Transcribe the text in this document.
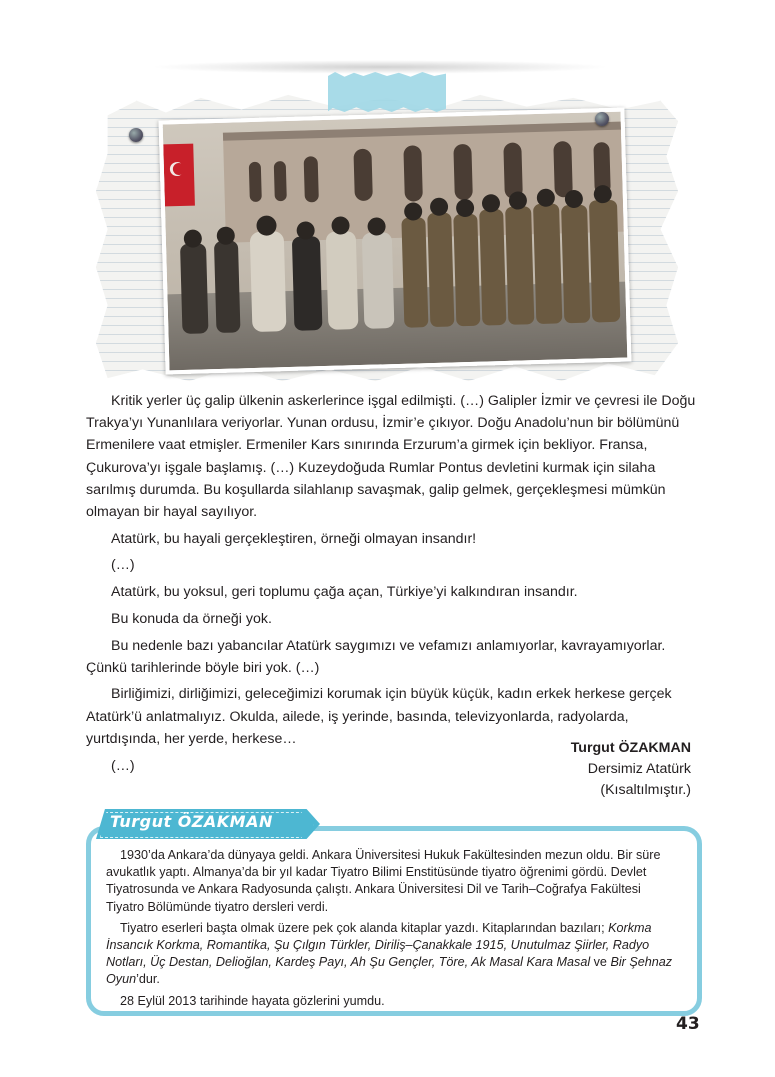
Kritik yerler üç galip ülkenin askerlerince işgal edilmişti. (…) Galipler İzmir ve çevresi ile Doğu Trakya’yı Yunanlılara veriyorlar. Yunan ordusu, İzmir’e çıkıyor. Doğu Anadolu’nun bir bölümünü Ermenilere vaat etmişler. Ermeniler Kars sınırında Erzurum’a girmek için bekliyor. Fransa, Çukurova’yı işgale başlamış. (…) Kuzeydoğuda Rumlar Pontus devletini kurmak için silaha sarılmış durumda. Bu koşullarda silahlanıp savaşmak, galip gelmek, gerçekleşmesi mümkün olmayan bir hayal sayılıyor.

Atatürk, bu hayali gerçekleştiren, örneği olmayan insandır!

(…)

Atatürk, bu yoksul, geri toplumu çağa açan, Türkiye’yi kalkındıran insandır.

Bu konuda da örneği yok.

Bu nedenle bazı yabancılar Atatürk saygımızı ve vefamızı anlamıyorlar, kavrayamıyorlar. Çünkü tarihlerinde böyle biri yok. (…)

Birliğimizi, dirliğimizi, geleceğimizi korumak için büyük küçük, kadın erkek herkese gerçek Atatürk’ü anlatmalıyız. Okulda, ailede, iş yerinde, basında, televizyonlarda, radyolarda, yurtdışında, her yerde, herkese…

(…)

Turgut ÖZAKMAN
Dersimiz Atatürk
(Kısaltılmıştır.)
Turgut ÖZAKMAN

1930’da Ankara’da dünyaya geldi. Ankara Üniversitesi Hukuk Fakültesinden mezun oldu. Bir süre avukatlık yaptı. Almanya’da bir yıl kadar Tiyatro Bilimi Enstitüsünde tiyatro öğrenimi gördü. Devlet Tiyatrosunda ve Ankara Radyosunda çalıştı. Ankara Üniversitesi Dil ve Tarih–Coğrafya Fakültesi Tiyatro Bölümünde tiyatro dersleri verdi.

Tiyatro eserleri başta olmak üzere pek çok alanda kitaplar yazdı. Kitaplarından bazıları; Korkma İnsancık Korkma, Romantika, Şu Çılgın Türkler, Diriliş–Çanakkale 1915, Unutulmaz Şiirler, Radyo Notları, Üç Destan, Delioğlan, Kardeş Payı, Ah Şu Gençler, Töre, Ak Masal Kara Masal ve Bir Şehnaz Oyun’dur.

28 Eylül 2013 tarihinde hayata gözlerini yumdu.

43
